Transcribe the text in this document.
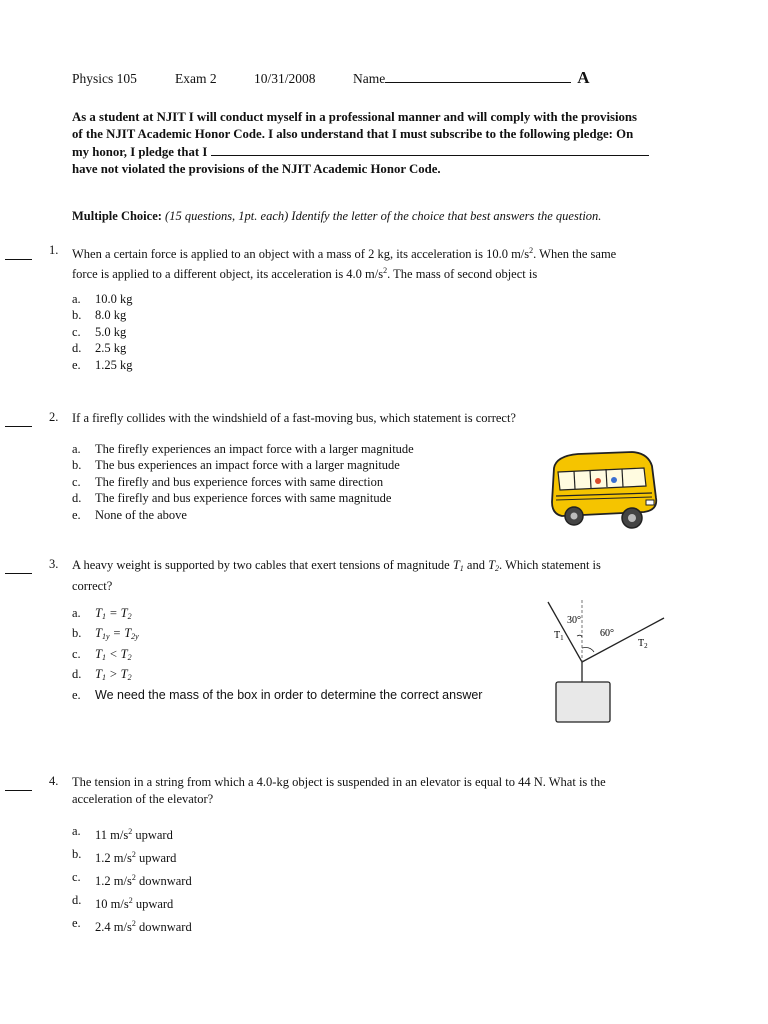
Physics 105	Exam 2	10/31/2008	Name	A
As a student at NJIT I will conduct myself in a professional manner and will comply with the provisions
of the NJIT Academic Honor Code. I also understand that I must subscribe to the following pledge: On
my honor, I pledge that I
have not violated the provisions of the NJIT Academic Honor Code.
Multiple Choice: (15 questions, 1pt. each) Identify the letter of the choice that best answers the question.
1. When a certain force is applied to an object with a mass of 2 kg, its acceleration is 10.0 $m/s^2$. When the same
force is applied to a different object, its acceleration is 4.0 $m/s^2$. The mass of second object is
a.	10.0 kg
b.	8.0 kg
c.	5.0 kg
d.	2.5 kg
e.	1.25 kg
2. If a firefly collides with the windshield of a fast-moving bus, which statement is correct?
a.	The firefly experiences an impact force with a larger magnitude
b.	The bus experiences an impact force with a larger magnitude
c.	The firefly and bus experience forces with same direction
d.	The firefly and bus experience forces with same magnitude
e.	None of the above
3. A heavy weight is supported by two cables that exert tensions of magnitude $T_1$ and $T_2$. Which statement is
correct?
a.	$T_1 = T_2$
b.	$T_{1y} = T_{2y}$
c.	$T_1 < T_2$
d.	$T_1 > T_2$
e.	We need the mass of the box in order to determine the correct answer
30°
60°
$T_1$	$T_2$
4. The tension in a string from which a 4.0-kg object is suspended in an elevator is equal to 44 N. What is the
acceleration of the elevator?
a.	11 $m/s^2$ upward
b.	1.2 $m/s^2$ upward
c.	1.2 $m/s^2$ downward
d.	10 $m/s^2$ upward
e.	2.4 $m/s^2$ downward
